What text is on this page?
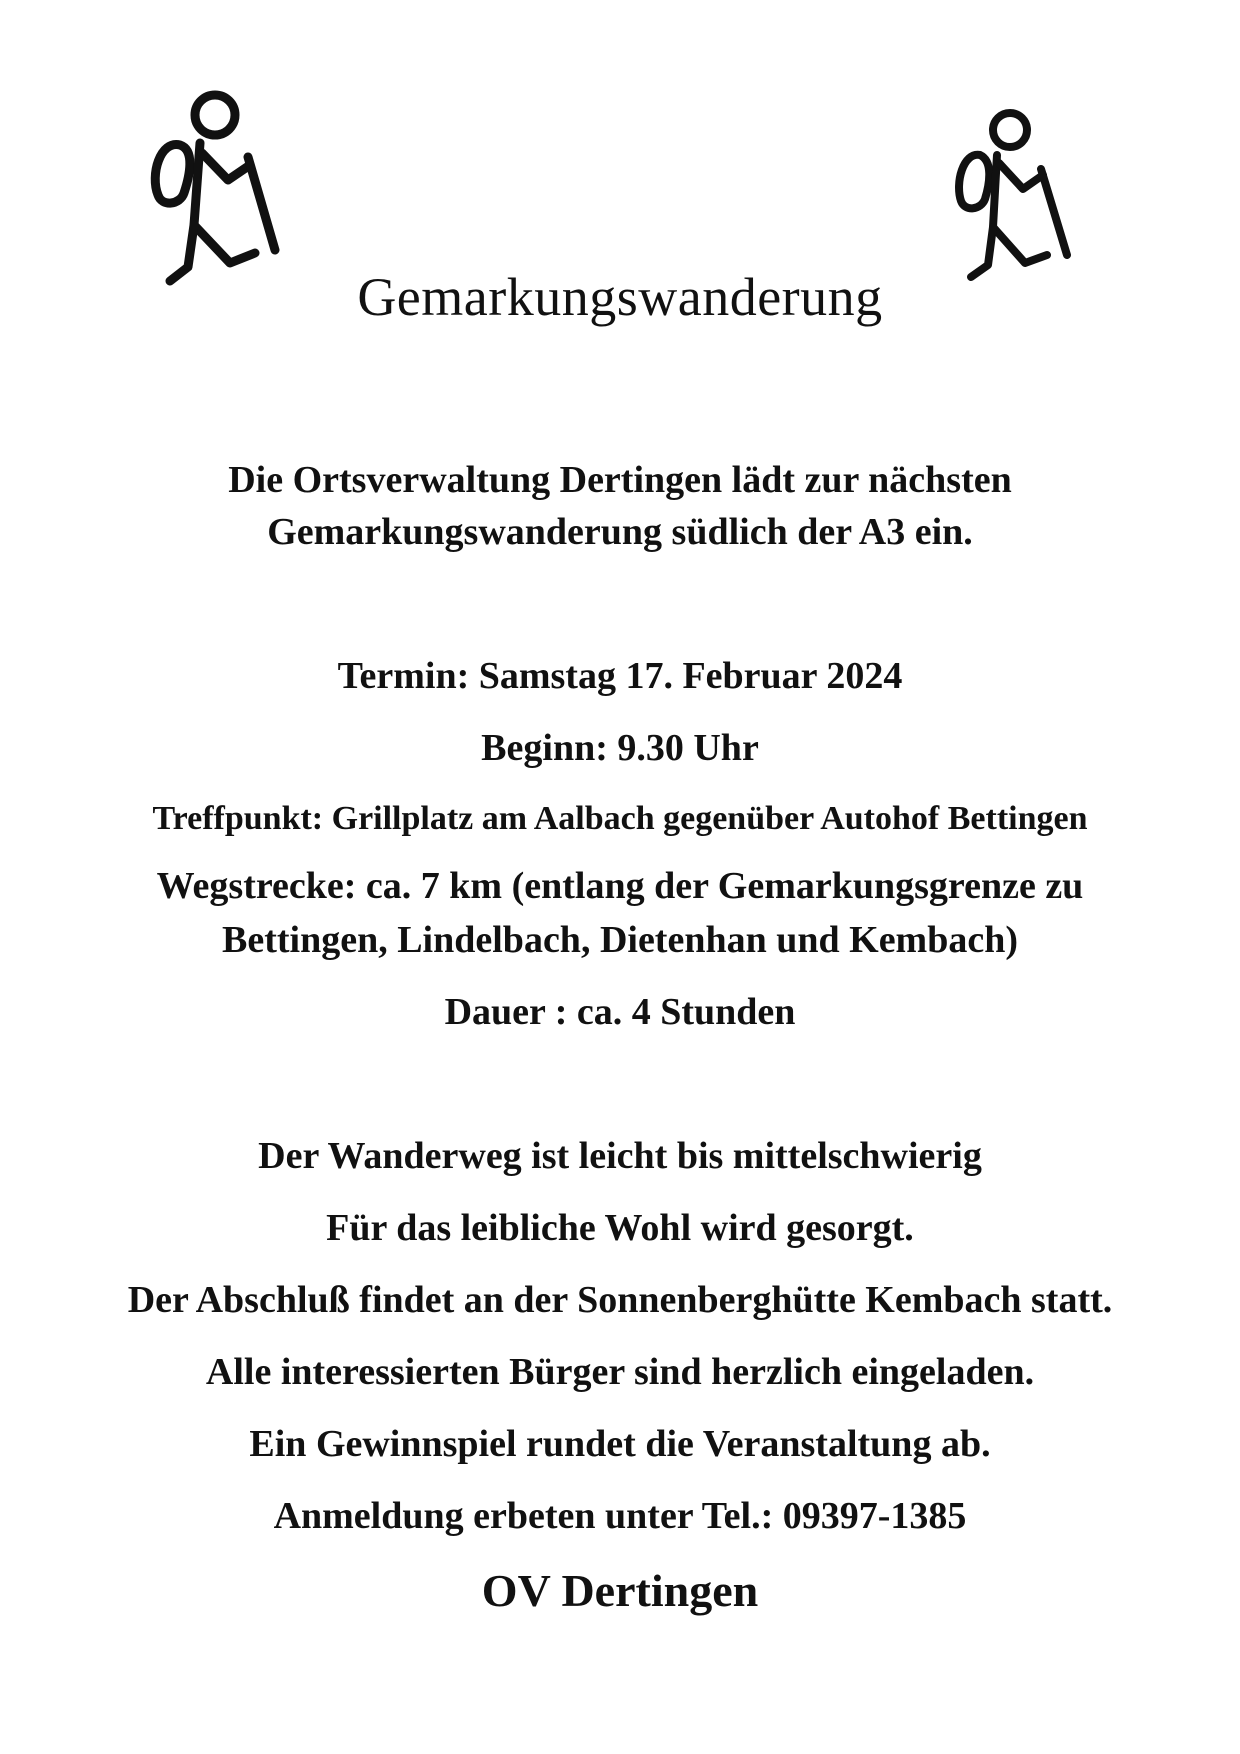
Gemarkungswanderung

Die Ortsverwaltung Dertingen lädt zur nächsten

Gemarkungswanderung südlich der A3 ein.

Termin: Samstag 17. Februar 2024

Beginn: 9.30 Uhr

Treffpunkt: Grillplatz am Aalbach gegenüber Autohof Bettingen

Wegstrecke: ca. 7 km (entlang der Gemarkungsgrenze zu

Bettingen, Lindelbach, Dietenhan und Kembach)

Dauer : ca. 4 Stunden

Der Wanderweg ist leicht bis mittelschwierig

Für das leibliche Wohl wird gesorgt.

Der Abschluß findet an der Sonnenberghütte Kembach statt.

Alle interessierten Bürger sind herzlich eingeladen.

Ein Gewinnspiel rundet die Veranstaltung ab.

Anmeldung erbeten unter Tel.: 09397-1385

OV Dertingen
